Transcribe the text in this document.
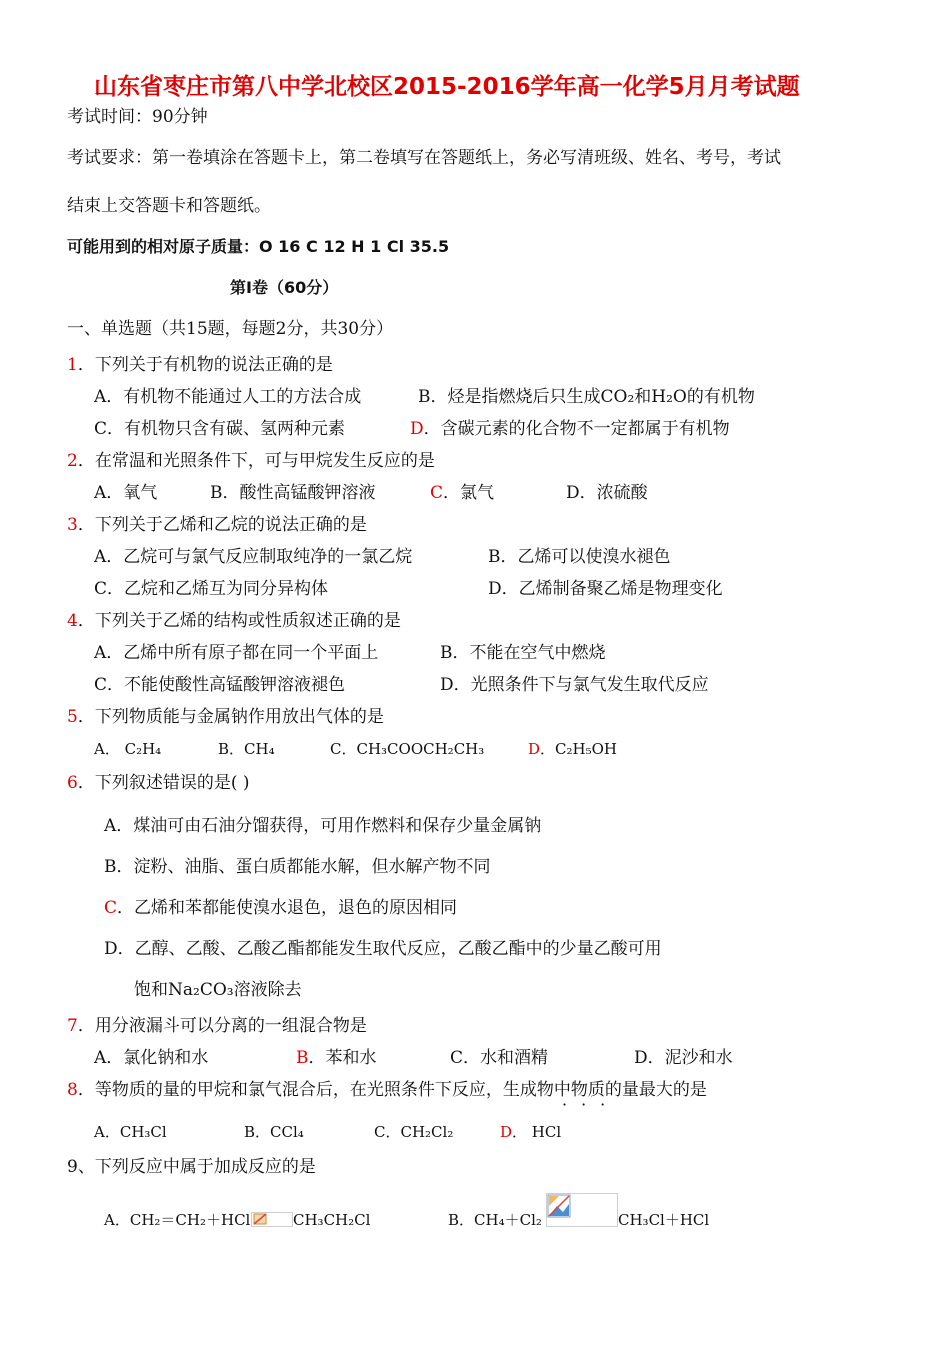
山东省枣庄市第八中学北校区2015-2016学年高一化学5月月考试题
考试时间：90分钟
考试要求：第一卷填涂在答题卡上，第二卷填写在答题纸上，务必写清班级、姓名、考号，考试
结束上交答题卡和答题纸。
可能用到的相对原子质量：O 16 C 12 H 1 Cl 35.5
第Ⅰ卷（60分）
一、单选题（共15题，每题2分，共30分）
1．下列关于有机物的说法正确的是
A．有机物不能通过人工的方法合成	B．烃是指燃烧后只生成CO₂和H₂O的有机物
C．有机物只含有碳、氢两种元素	D．含碳元素的化合物不一定都属于有机物
2．在常温和光照条件下，可与甲烷发生反应的是
A．氧气	B．酸性高锰酸钾溶液	C．氯气	D．浓硫酸
3．下列关于乙烯和乙烷的说法正确的是
A．乙烷可与氯气反应制取纯净的一氯乙烷	B．乙烯可以使溴水褪色
C．乙烷和乙烯互为同分异构体	D．乙烯制备聚乙烯是物理变化
4．下列关于乙烯的结构或性质叙述正确的是
A．乙烯中所有原子都在同一个平面上	B．不能在空气中燃烧
C．不能使酸性高锰酸钾溶液褪色	D．光照条件下与氯气发生取代反应
5．下列物质能与金属钠作用放出气体的是
A． C₂H₄	B．CH₄	C．CH₃COOCH₂CH₃	D．C₂H₅OH
6．下列叙述错误的是( )
A．煤油可由石油分馏获得，可用作燃料和保存少量金属钠
B．淀粉、油脂、蛋白质都能水解，但水解产物不同
C．乙烯和苯都能使溴水退色，退色的原因相同
D．乙醇、乙酸、乙酸乙酯都能发生取代反应，乙酸乙酯中的少量乙酸可用
饱和Na₂CO₃溶液除去
7．用分液漏斗可以分离的一组混合物是
A．氯化钠和水	B．苯和水	C．水和酒精	D．泥沙和水
8．等物质的量的甲烷和氯气混合后，在光照条件下反应，生成物中物质的量最大的是
···
A．CH₃Cl	B．CCl₄	C．CH₂Cl₂	D． HCl
9、下列反应中属于加成反应的是
A．CH₂＝CH₂＋HCl	CH₃CH₂Cl	B．CH₄＋Cl₂	CH₃Cl＋HCl
